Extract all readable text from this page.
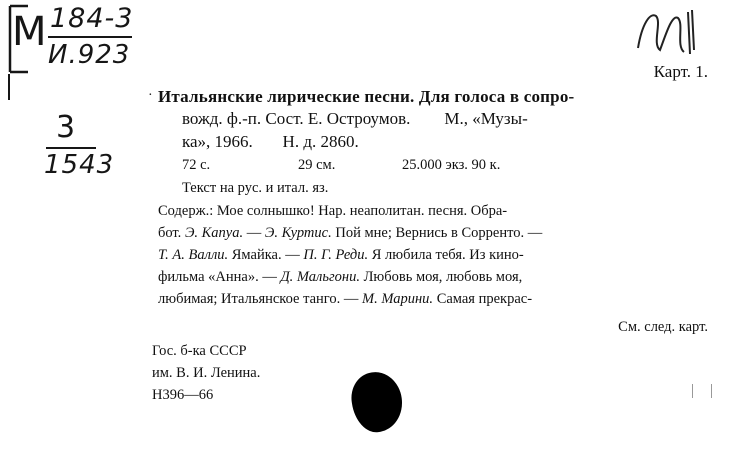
М 184-3
И.923
3
1543
Карт. 1.
· Итальянские лирические песни. Для голоса в сопро-
вожд. ф.-п. Сост. Е. Остроумов.        М., «Музы-
ка», 1966.       Н. д. 2860.
72 с.	29 см.	25.000 экз. 90 к.
Текст на рус. и итал. яз.
Содерж.: Мое солнышко! Нар. неаполитан. песня. Обра-
бот. Э. Капуа. — Э. Куртис. Пой мне; Вернись в Сорренто. —
Т. А. Валли. Ямайка. — П. Г. Реди. Я любила тебя. Из кино-
фильма «Анна». — Д. Мальгони. Любовь моя, любовь моя,
любимая; Итальянское танго. — М. Марини. Самая прекрас-
См. след. карт.
Гос. б-ка СССР
им. В. И. Ленина.
Н396—66
